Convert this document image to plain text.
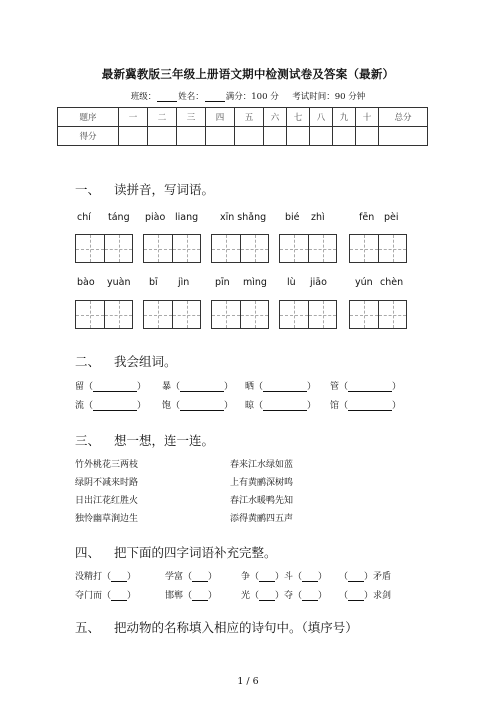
最新冀教版三年级上册语文期中检测试卷及答案（最新）
班级：	姓名：	满分：100 分 考试时间：90 分钟
题序	一	二	三	四	五	六	七	八	九	十	总分
得分											
一、 读拼音，写词语。
chí táng piào liang xīn shǎng bié zhì	fēn pèi
bào yuàn bī jìn	pīn mìng lù jiāo	yún chèn
二、 我会组词。
留（	） 暴（	） 晒（	） 管（	）
流（	） 饱（	） 晾（	） 馆（	）
三、 想一想，连一连。
竹外桃花三两枝
绿阴不减来时路
日出江花红胜火
独怜幽草涧边生
春来江水绿如蓝
上有黄鹂深树鸣
春江水暖鸭先知
添得黄鹂四五声
四、 把下面的四字词语补充完整。
没精打（ ）	学富（ ）	争（ ）斗（ ） （ ）矛盾
夺门而（ ）	邯郸（ ）	光（ ）夺（ ） （ ）求剑
五、 把动物的名称填入相应的诗句中。（填序号）
1 / 6
